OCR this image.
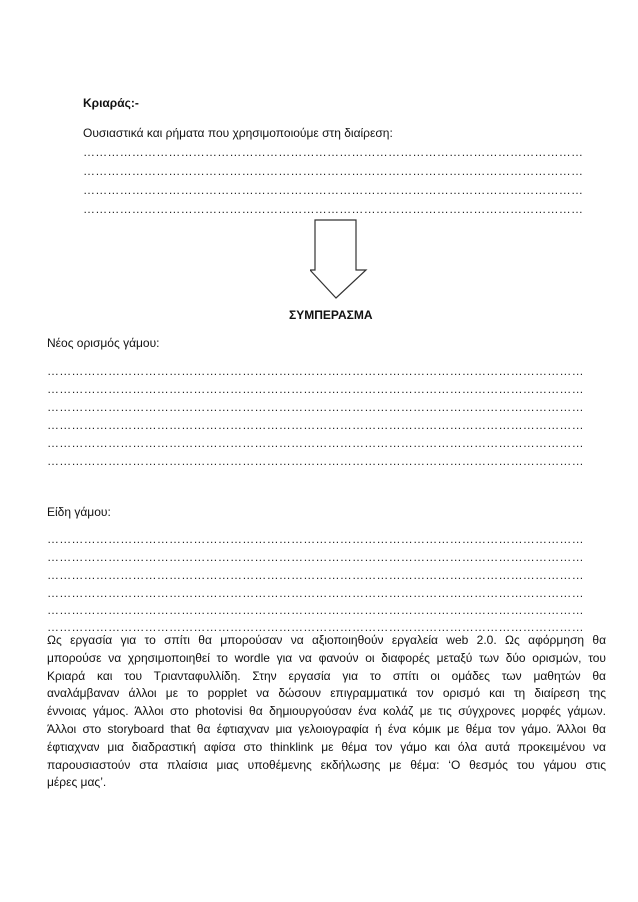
Κριαράς:-
Ουσιαστικά και ρήματα που χρησιμοποιούμε στη διαίρεση:
……………………………………………………………………………………………………………
……………………………………………………………………………………………………………
……………………………………………………………………………………………………………
……………………………………………………………………………………………………………
ΣΥΜΠΕΡΑΣΜΑ
Νέος ορισμός γάμου:
……………………………………………………………………………………………………………………
……………………………………………………………………………………………………………………
……………………………………………………………………………………………………………………
……………………………………………………………………………………………………………………
……………………………………………………………………………………………………………………
……………………………………………………………………………………………………………………
Είδη γάμου:
……………………………………………………………………………………………………………………
……………………………………………………………………………………………………………………
……………………………………………………………………………………………………………………
……………………………………………………………………………………………………………………
……………………………………………………………………………………………………………………
……………………………………………………………………………………………………………………
Ως εργασία για το σπίτι θα μπορούσαν να αξιοποιηθούν εργαλεία web 2.0. Ως αφόρμηση θα
μπορούσε να χρησιμοποιηθεί το wordle για να φανούν οι διαφορές μεταξύ των δύο ορισμών, του
Κριαρά και του Τριανταφυλλίδη. Στην εργασία για το σπίτι οι ομάδες των μαθητών θα
αναλάμβαναν άλλοι με το popplet να δώσουν επιγραμματικά τον ορισμό και τη διαίρεση της
έννοιας γάμος. Άλλοι στο photovisi θα δημιουργούσαν ένα κολάζ με τις σύγχρονες μορφές γάμων.
Άλλοι στο storyboard that θα έφτιαχναν μια γελοιογραφία ή ένα κόμικ με θέμα τον γάμο. Άλλοι θα
έφτιαχναν μια διαδραστική αφίσα στο thinklink με θέμα τον γάμο και όλα αυτά προκειμένου να
παρουσιαστούν στα πλαίσια μιας υποθέμενης εκδήλωσης με θέμα: ‘Ο θεσμός του γάμου στις
μέρες μας’.
